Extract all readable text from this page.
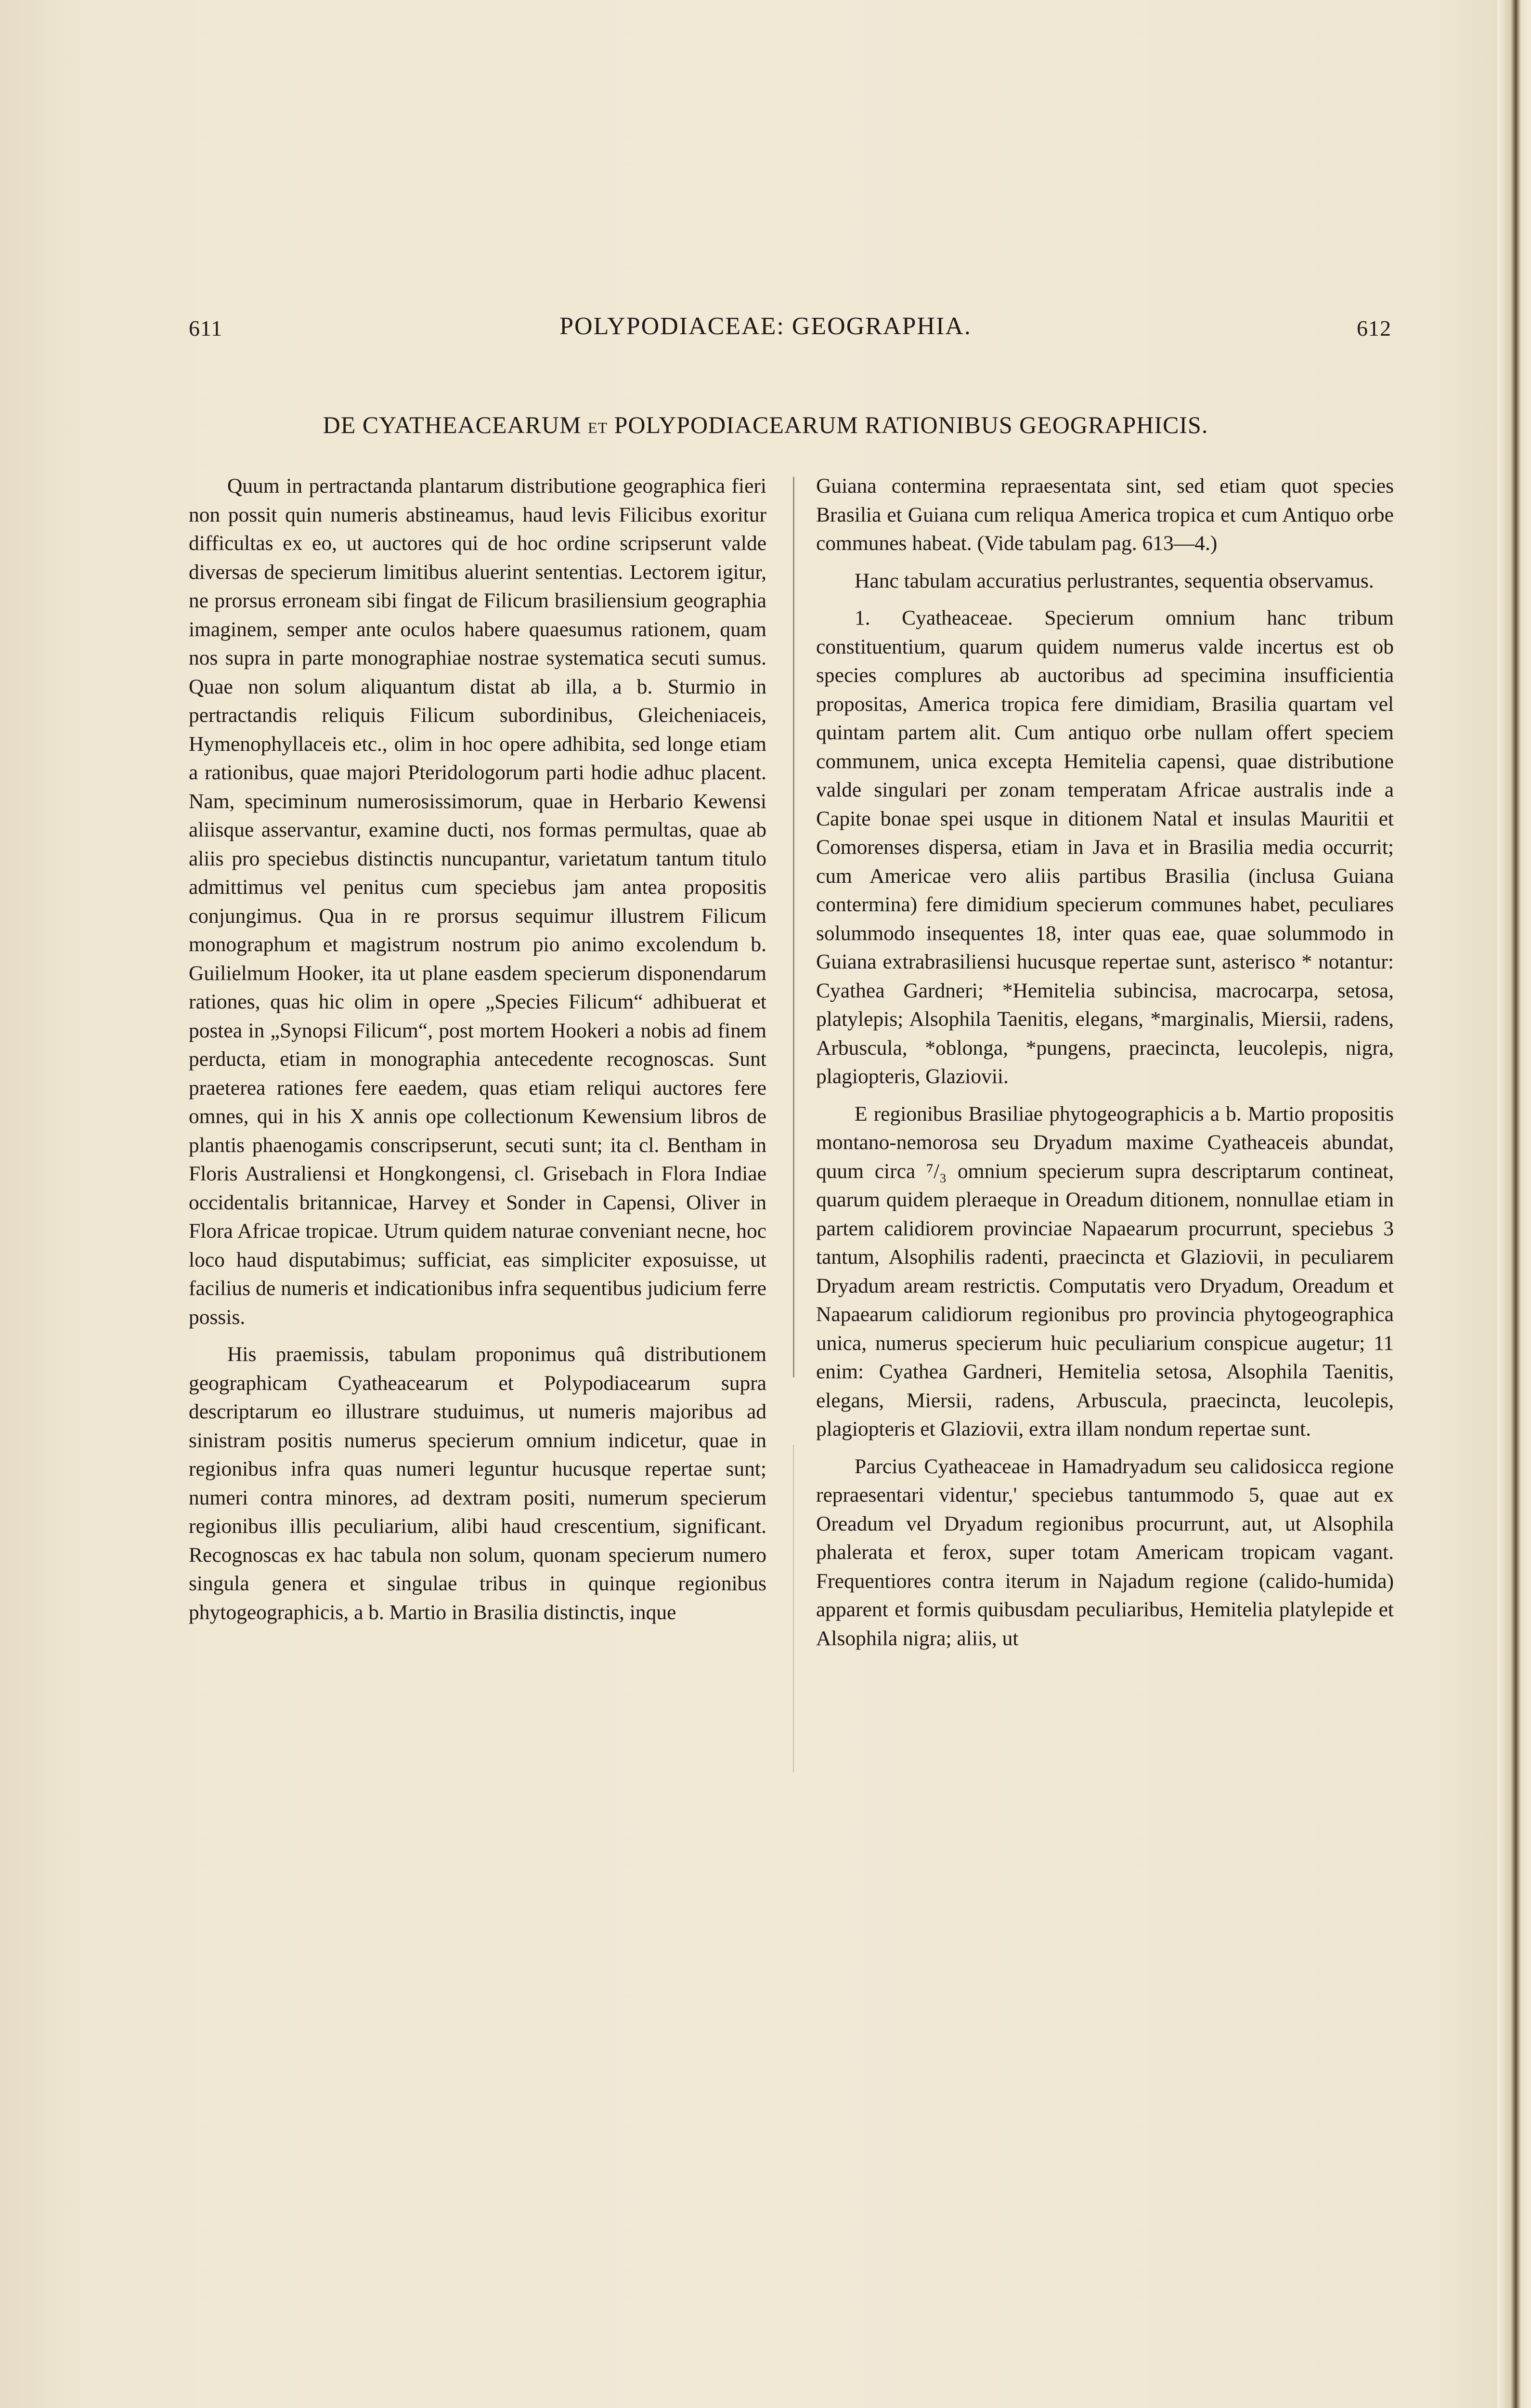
611	POLYPODIACEAE: GEOGRAPHIA.	612
DE CYATHEACEARUM ET POLYPODIACEARUM RATIONIBUS GEOGRAPHICIS.

Quum in pertractanda plantarum distributione geographica fieri non possit quin numeris abstineamus, haud levis Filicibus exoritur difficultas ex eo, ut auctores qui de hoc ordine scripserunt valde diversas de specierum limitibus aluerint sententias. Lectorem igitur, ne prorsus erroneam sibi fingat de Filicum brasiliensium geographia imaginem, semper ante oculos habere quaesumus rationem, quam nos supra in parte monographiae nostrae systematica secuti sumus. Quae non solum aliquantum distat ab illa, a b. Sturmio in pertractandis reliquis Filicum subordinibus, Gleicheniaceis, Hymenophyllaceis etc., olim in hoc opere adhibita, sed longe etiam a rationibus, quae majori Pteridologorum parti hodie adhuc placent. Nam, speciminum numerosissimorum, quae in Herbario Kewensi aliisque asservantur, examine ducti, nos formas permultas, quae ab aliis pro speciebus distinctis nuncupantur, varietatum tantum titulo admittimus vel penitus cum speciebus jam antea propositis conjungimus. Qua in re prorsus sequimur illustrem Filicum monographum et magistrum nostrum pio animo excolendum b. Guilielmum Hooker, ita ut plane easdem specierum disponendarum rationes, quas hic olim in opere „Species Filicum“ adhibuerat et postea in „Synopsi Filicum“, post mortem Hookeri a nobis ad finem perducta, etiam in monographia antecedente recognoscas. Sunt praeterea rationes fere eaedem, quas etiam reliqui auctores fere omnes, qui in his X annis ope collectionum Kewensium libros de plantis phaenogamis conscripserunt, secuti sunt; ita cl. Bentham in Floris Australiensi et Hongkongensi, cl. Grisebach in Flora Indiae occidentalis britannicae, Harvey et Sonder in Capensi, Oliver in Flora Africae tropicae. Utrum quidem naturae conveniant necne, hoc loco haud disputabimus; sufficiat, eas simpliciter exposuisse, ut facilius de numeris et indicationibus infra sequentibus judicium ferre possis.

His praemissis, tabulam proponimus quâ distributionem geographicam Cyatheacearum et Polypodiacearum supra descriptarum eo illustrare studuimus, ut numeris majoribus ad sinistram positis numerus specierum omnium indicetur, quae in regionibus infra quas numeri leguntur hucusque repertae sunt; numeri contra minores, ad dextram positi, numerum specierum regionibus illis peculiarium, alibi haud crescentium, significant. Recognoscas ex hac tabula non solum, quonam specierum numero singula genera et singulae tribus in quinque regionibus phytogeographicis, a b. Martio in Brasilia distinctis, inque

Guiana contermina repraesentata sint, sed etiam quot species Brasilia et Guiana cum reliqua America tropica et cum Antiquo orbe communes habeat. (Vide tabulam pag. 613—4.)

Hanc tabulam accuratius perlustrantes, sequentia observamus.

1. Cyatheaceae. Specierum omnium hanc tribum constituentium, quarum quidem numerus valde incertus est ob species complures ab auctoribus ad specimina insufficientia propositas, America tropica fere dimidiam, Brasilia quartam vel quintam partem alit. Cum antiquo orbe nullam offert speciem communem, unica excepta Hemitelia capensi, quae distributione valde singulari per zonam temperatam Africae australis inde a Capite bonae spei usque in ditionem Natal et insulas Mauritii et Comorenses dispersa, etiam in Java et in Brasilia media occurrit; cum Americae vero aliis partibus Brasilia (inclusa Guiana contermina) fere dimidium specierum communes habet, peculiares solummodo insequentes 18, inter quas eae, quae solummodo in Guiana extrabrasiliensi hucusque repertae sunt, asterisco * notantur: Cyathea Gardneri; *Hemitelia subincisa, macrocarpa, setosa, platylepis; Alsophila Taenitis, elegans, *marginalis, Miersii, radens, Arbuscula, *oblonga, *pungens, praecincta, leucolepis, nigra, plagiopteris, Glaziovii.

E regionibus Brasiliae phytogeographicis a b. Martio propositis montano-nemorosa seu Dryadum maxime Cyatheaceis abundat, quum circa ⁷/₃ omnium specierum supra descriptarum contineat, quarum quidem pleraeque in Oreadum ditionem, nonnullae etiam in partem calidiorem provinciae Napaearum procurrunt, speciebus 3 tantum, Alsophilis radenti, praecincta et Glaziovii, in peculiarem Dryadum aream restrictis. Computatis vero Dryadum, Oreadum et Napaearum calidiorum regionibus pro provincia phytogeographica unica, numerus specierum huic peculiarium conspicue augetur; 11 enim: Cyathea Gardneri, Hemitelia setosa, Alsophila Taenitis, elegans, Miersii, radens, Arbuscula, praecincta, leucolepis, plagiopteris et Glaziovii, extra illam nondum repertae sunt.

Parcius Cyatheaceae in Hamadryadum seu calidosicca regione repraesentari videntur,' speciebus tantummodo 5, quae aut ex Oreadum vel Dryadum regionibus procurrunt, aut, ut Alsophila phalerata et ferox, super totam Americam tropicam vagant. Frequentiores contra iterum in Najadum regione (calido-humida) apparent et formis quibusdam peculiaribus, Hemitelia platylepide et Alsophila nigra; aliis, ut
